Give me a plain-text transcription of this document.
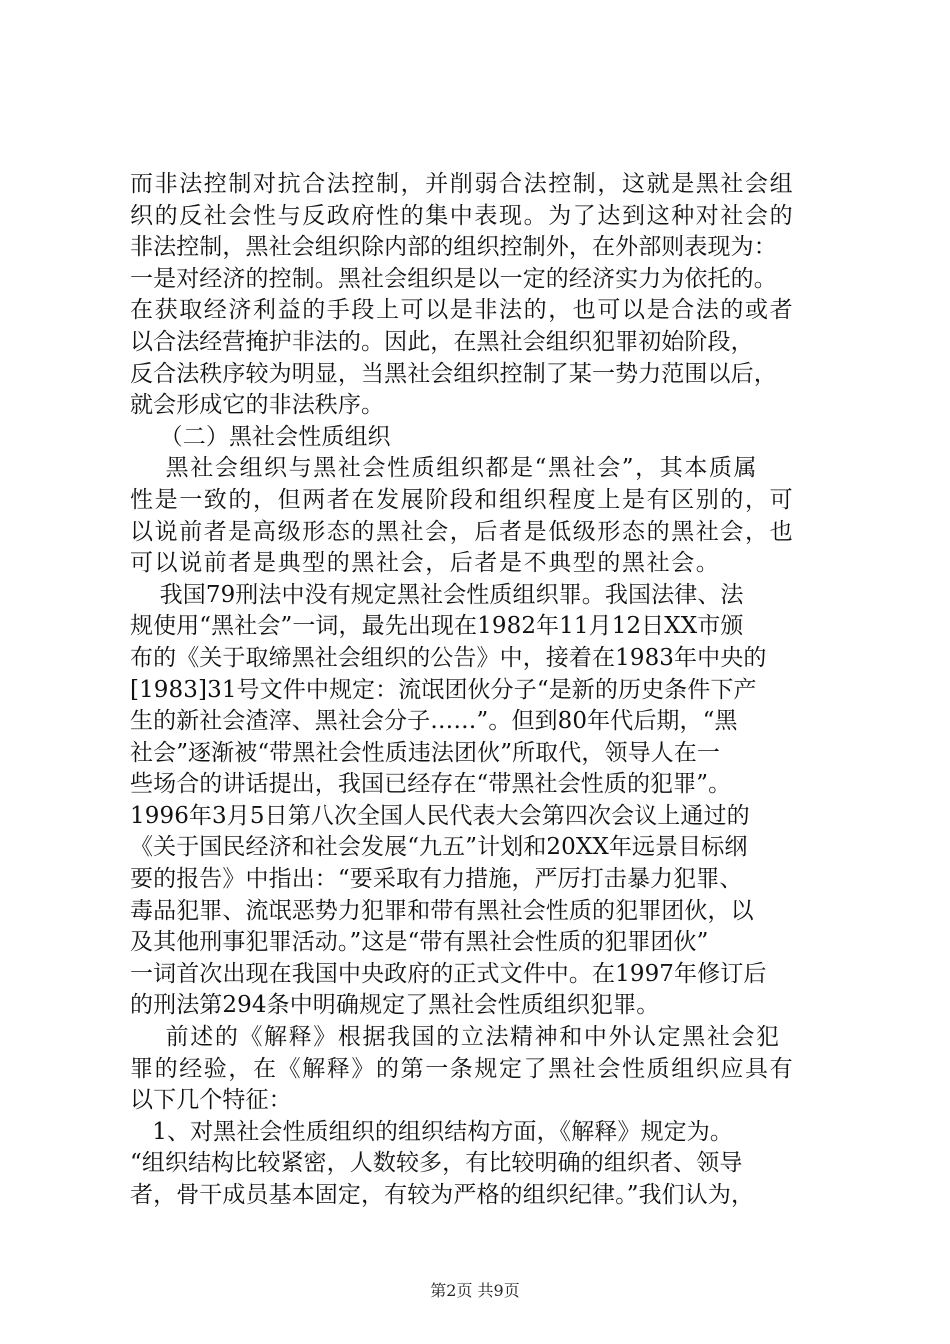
而非法控制对抗合法控制，并削弱合法控制，这就是黑社会组
织的反社会性与反政府性的集中表现。为了达到这种对社会的
非法控制，黑社会组织除内部的组织控制外，在外部则表现为：
一是对经济的控制。黑社会组织是以一定的经济实力为依托的。
在获取经济利益的手段上可以是非法的，也可以是合法的或者
以合法经营掩护非法的。因此，在黑社会组织犯罪初始阶段，
反合法秩序较为明显，当黑社会组织控制了某一势力范围以后，
就会形成它的非法秩序。
（二）黑社会性质组织
黑社会组织与黑社会性质组织都是“黑社会”，其本质属
性是一致的，但两者在发展阶段和组织程度上是有区别的，可
以说前者是高级形态的黑社会，后者是低级形态的黑社会，也
可以说前者是典型的黑社会，后者是不典型的黑社会。
我国79刑法中没有规定黑社会性质组织罪。我国法律、法
规使用“黑社会”一词，最先出现在1982年11月12日XX市颁
布的《关于取缔黑社会组织的公告》中，接着在1983年中央的
[1983]31号文件中规定：流氓团伙分子“是新的历史条件下产
生的新社会渣滓、黑社会分子……”。但到80年代后期，“黑
社会”逐渐被“带黑社会性质违法团伙”所取代，领导人在一
些场合的讲话提出，我国已经存在“带黑社会性质的犯罪”。
1996年3月5日第八次全国人民代表大会第四次会议上通过的
《关于国民经济和社会发展“九五”计划和20XX年远景目标纲
要的报告》中指出：“要采取有力措施，严厉打击暴力犯罪、
毒品犯罪、流氓恶势力犯罪和带有黑社会性质的犯罪团伙，以
及其他刑事犯罪活动。”这是“带有黑社会性质的犯罪团伙”
一词首次出现在我国中央政府的正式文件中。在1997年修订后
的刑法第294条中明确规定了黑社会性质组织犯罪。
前述的《解释》根据我国的立法精神和中外认定黑社会犯
罪的经验，在《解释》的第一条规定了黑社会性质组织应具有
以下几个特征：
1、对黑社会性质组织的组织结构方面，《解释》规定为。
“组织结构比较紧密，人数较多，有比较明确的组织者、领导
者，骨干成员基本固定，有较为严格的组织纪律。”我们认为，
第2页 共9页
